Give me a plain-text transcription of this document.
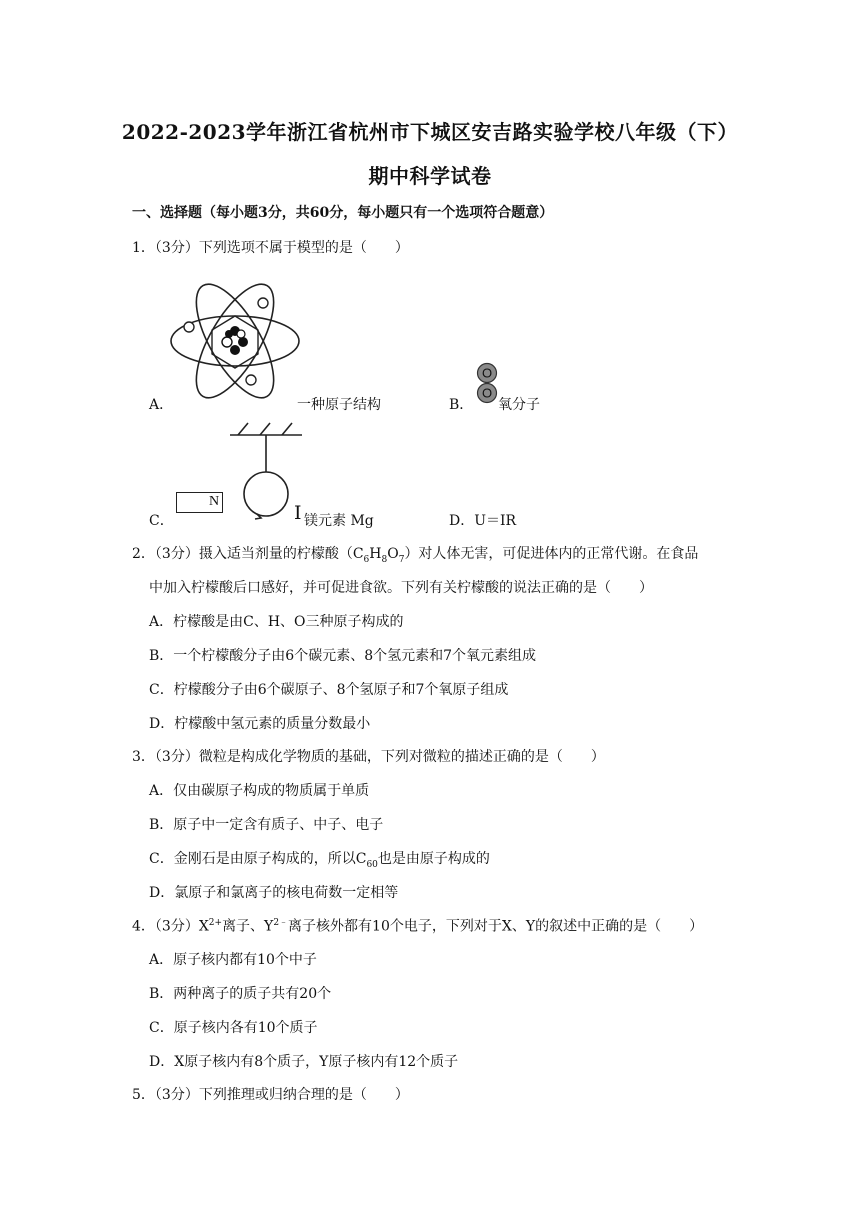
2022-2023学年浙江省杭州市下城区安吉路实验学校八年级（下）
期中科学试卷
一、选择题（每小题3分，共60分，每小题只有一个选项符合题意）
1．（3分）下列选项不属于模型的是（　　）
A．	一种原子结构	B．
O
O
氧分子
C．
N
I 镁元素 Mg	D．U＝IR
2．（3分）摄入适当剂量的柠檬酸$(C_6H_8O_7)$对人体无害，可促进体内的正常代谢。在食品
中加入柠檬酸后口感好，并可促进食欲。下列有关柠檬酸的说法正确的是（　　）
A．柠檬酸是由C、H、O三种原子构成的
B．一个柠檬酸分子由6个碳元素、8个氢元素和7个氧元素组成
C．柠檬酸分子由6个碳原子、8个氢原子和7个氧原子组成
D．柠檬酸中氢元素的质量分数最小
3．（3分）微粒是构成化学物质的基础，下列对微粒的描述正确的是（　　）
A．仅由碳原子构成的物质属于单质
B．原子中一定含有质子、中子、电子
C．金刚石是由原子构成的，所以$C_{60}$也是由原子构成的
D．氯原子和氯离子的核电荷数一定相等
4．（3分）$X^{2+}$离子、$Y^{2﹣}$离子核外都有10个电子，下列对于X、Y的叙述中正确的是（　　）
A．原子核内都有10个中子
B．两种离子的质子共有20个
C．原子核内各有10个质子
D．X原子核内有8个质子，Y原子核内有12个质子
5．（3分）下列推理或归纳合理的是（　　）
